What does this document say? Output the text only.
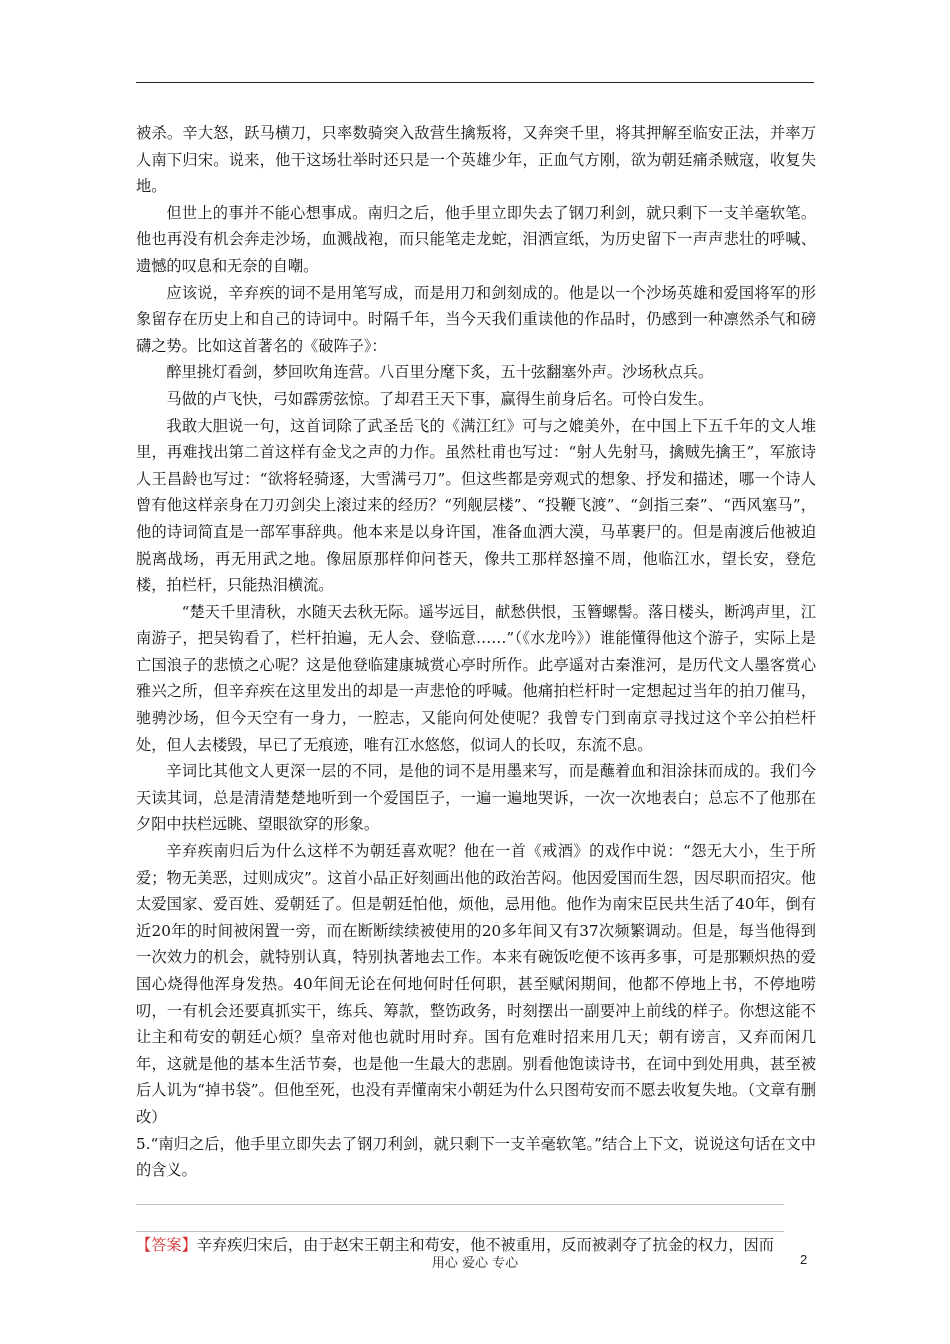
被杀。辛大怒，跃马横刀，只率数骑突入敌营生擒叛将，又奔突千里，将其押解至临安正法，并率万人南下归宋。说来，他干这场壮举时还只是一个英雄少年，正血气方刚，欲为朝廷痛杀贼寇，收复失地。

但世上的事并不能心想事成。南归之后，他手里立即失去了钢刀利剑，就只剩下一支羊毫软笔。他也再没有机会奔走沙场，血溅战袍，而只能笔走龙蛇，泪洒宣纸，为历史留下一声声悲壮的呼喊、遗憾的叹息和无奈的自嘲。

应该说，辛弃疾的词不是用笔写成，而是用刀和剑刻成的。他是以一个沙场英雄和爱国将军的形象留存在历史上和自己的诗词中。时隔千年，当今天我们重读他的作品时，仍感到一种凛然杀气和磅礴之势。比如这首著名的《破阵子》：

醉里挑灯看剑，梦回吹角连营。八百里分麾下炙，五十弦翻塞外声。沙场秋点兵。

马做的卢飞快，弓如霹雳弦惊。了却君王天下事，赢得生前身后名。可怜白发生。

我敢大胆说一句，这首词除了武圣岳飞的《满江红》可与之媲美外，在中国上下五千年的文人堆里，再难找出第二首这样有金戈之声的力作。虽然杜甫也写过：“射人先射马，擒贼先擒王”，军旅诗人王昌龄也写过：“欲将轻骑逐，大雪满弓刀”。但这些都是旁观式的想象、抒发和描述，哪一个诗人曾有他这样亲身在刀刃剑尖上滚过来的经历？“列舰层楼”、“投鞭飞渡”、“剑指三秦”、“西风塞马”，他的诗词简直是一部军事辞典。他本来是以身许国，准备血洒大漠，马革裹尸的。但是南渡后他被迫脱离战场，再无用武之地。像屈原那样仰问苍天，像共工那样怒撞不周，他临江水，望长安，登危楼，拍栏杆，只能热泪横流。

“楚天千里清秋，水随天去秋无际。遥岑远目，献愁供恨，玉簪螺髻。落日楼头，断鸿声里，江南游子，把吴钩看了，栏杆拍遍，无人会、登临意……”（《水龙吟》）谁能懂得他这个游子，实际上是亡国浪子的悲愤之心呢？这是他登临建康城赏心亭时所作。此亭遥对古秦淮河，是历代文人墨客赏心雅兴之所，但辛弃疾在这里发出的却是一声悲怆的呼喊。他痛拍栏杆时一定想起过当年的拍刀催马，驰骋沙场，但今天空有一身力，一腔志，又能向何处使呢？我曾专门到南京寻找过这个辛公拍栏杆处，但人去楼毁，早已了无痕迹，唯有江水悠悠，似词人的长叹，东流不息。

辛词比其他文人更深一层的不同，是他的词不是用墨来写，而是蘸着血和泪涂抹而成的。我们今天读其词，总是清清楚楚地听到一个爱国臣子，一遍一遍地哭诉，一次一次地表白；总忘不了他那在夕阳中扶栏远眺、望眼欲穿的形象。

辛弃疾南归后为什么这样不为朝廷喜欢呢？他在一首《戒酒》的戏作中说：“怨无大小，生于所爱；物无美恶，过则成灾”。这首小品正好刻画出他的政治苦闷。他因爱国而生怨，因尽职而招灾。他太爱国家、爱百姓、爱朝廷了。但是朝廷怕他，烦他，忌用他。他作为南宋臣民共生活了40年，倒有近20年的时间被闲置一旁，而在断断续续被使用的20多年间又有37次频繁调动。但是，每当他得到一次效力的机会，就特别认真，特别执著地去工作。本来有碗饭吃便不该再多事，可是那颗炽热的爱国心烧得他浑身发热。40年间无论在何地何时任何职，甚至赋闲期间，他都不停地上书，不停地唠叨，一有机会还要真抓实干，练兵、筹款，整饬政务，时刻摆出一副要冲上前线的样子。你想这能不让主和苟安的朝廷心烦？皇帝对他也就时用时弃。国有危难时招来用几天；朝有谤言，又弃而闲几年，这就是他的基本生活节奏，也是他一生最大的悲剧。别看他饱读诗书，在词中到处用典，甚至被后人讥为“掉书袋”。但他至死，也没有弄懂南宋小朝廷为什么只图苟安而不愿去收复失地。（文章有删改）

5.“南归之后，他手里立即失去了钢刀利剑，就只剩下一支羊毫软笔。”结合上下文，说说这句话在文中的含义。

【答案】辛弃疾归宋后，由于赵宋王朝主和苟安，他不被重用，反而被剥夺了抗金的权力，因而

用心 爱心 专心	2
